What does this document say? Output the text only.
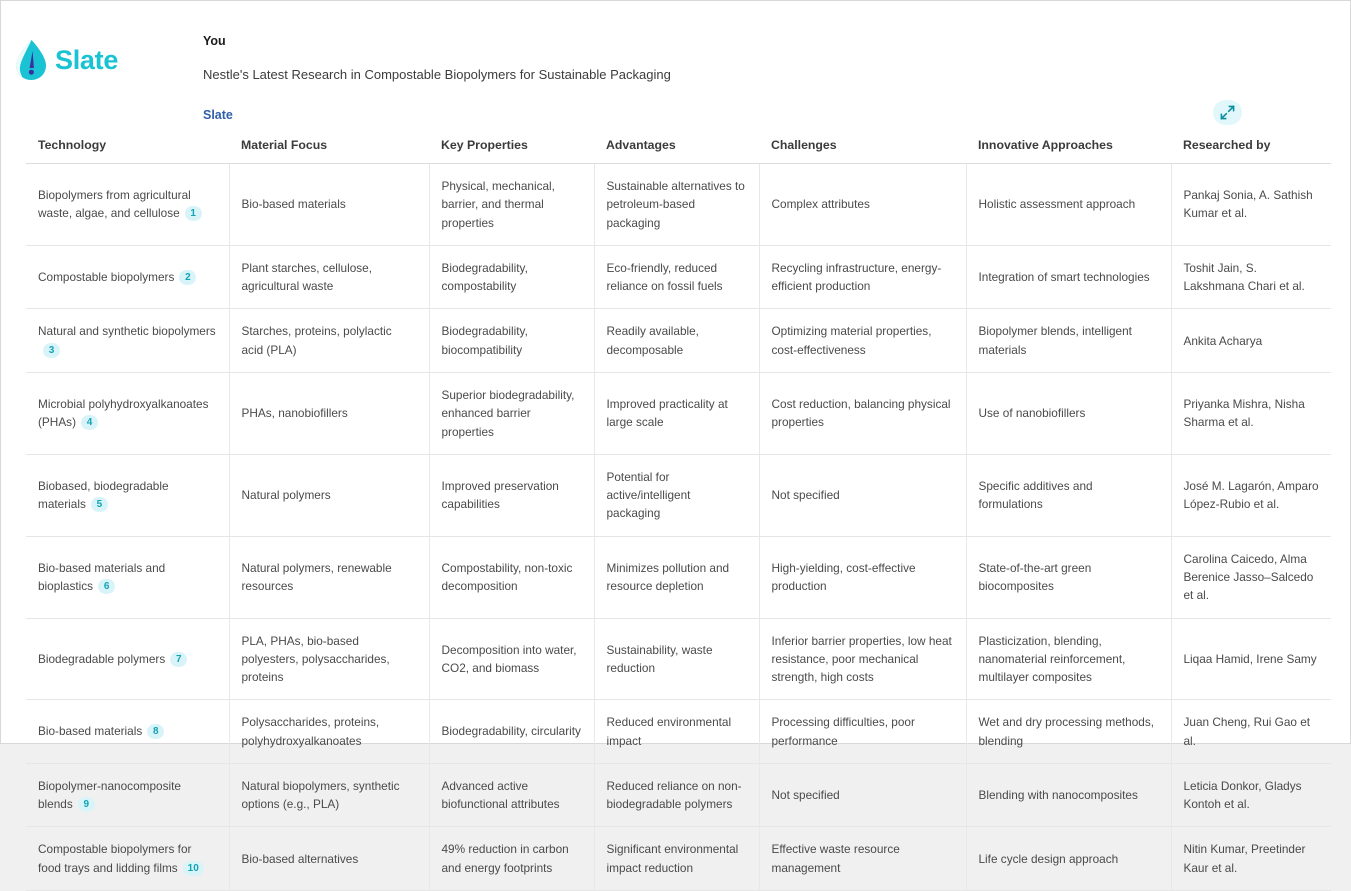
Slate
You
Nestle's Latest Research in Compostable Biopolymers for Sustainable Packaging
Slate
Technology	Material Focus	Key Properties	Advantages	Challenges	Innovative Approaches	Researched by
Biopolymers from agricultural waste, algae, and cellulose 1	Bio-based materials	Physical, mechanical, barrier, and thermal properties	Sustainable alternatives to petroleum-based packaging	Complex attributes	Holistic assessment approach	Pankaj Sonia, A. Sathish Kumar et al.
Compostable biopolymers 2	Plant starches, cellulose, agricultural waste	Biodegradability, compostability	Eco-friendly, reduced reliance on fossil fuels	Recycling infrastructure, energy-efficient production	Integration of smart technologies	Toshit Jain, S. Lakshmana Chari et al.
Natural and synthetic biopolymers3	Starches, proteins, polylactic acid (PLA)	Biodegradability, biocompatibility	Readily available, decomposable	Optimizing material properties, cost-effectiveness	Biopolymer blends, intelligent materials	Ankita Acharya
Microbial polyhydroxyalkanoates (PHAs) 4	PHAs, nanobiofillers	Superior biodegradability, enhanced barrier properties	Improved practicality at large scale	Cost reduction, balancing physical properties	Use of nanobiofillers	Priyanka Mishra, Nisha Sharma et al.
Biobased, biodegradable materials 5	Natural polymers	Improved preservation capabilities	Potential for active/intelligent packaging	Not specified	Specific additives and formulations	José M. Lagarón, Amparo López-Rubio et al.
Bio-based materials and bioplastics 6	Natural polymers, renewable resources	Compostability, non-toxic decomposition	Minimizes pollution and resource depletion	High-yielding, cost-effective production	State-of-the-art green biocomposites	Carolina Caicedo, Alma Berenice Jasso–Salcedo et al.
Biodegradable polymers 7	PLA, PHAs, bio-based polyesters, polysaccharides, proteins	Decomposition into water, CO2, and biomass	Sustainability, waste reduction	Inferior barrier properties, low heat resistance, poor mechanical strength, high costs	Plasticization, blending, nanomaterial reinforcement, multilayer composites	Liqaa Hamid, Irene Samy
Bio-based materials 8	Polysaccharides, proteins, polyhydroxyalkanoates	Biodegradability, circularity	Reduced environmental impact	Processing difficulties, poor performance	Wet and dry processing methods, blending	Juan Cheng, Rui Gao et al.
Biopolymer-nanocomposite blends 9	Natural biopolymers, synthetic options (e.g., PLA)	Advanced active biofunctional attributes	Reduced reliance on non-biodegradable polymers	Not specified	Blending with nanocomposites	Leticia Donkor, Gladys Kontoh et al.
Compostable biopolymers for food trays and lidding films 10	Bio-based alternatives	49% reduction in carbon and energy footprints	Significant environmental impact reduction	Effective waste resource management	Life cycle design approach	Nitin Kumar, Preetinder Kaur et al.
